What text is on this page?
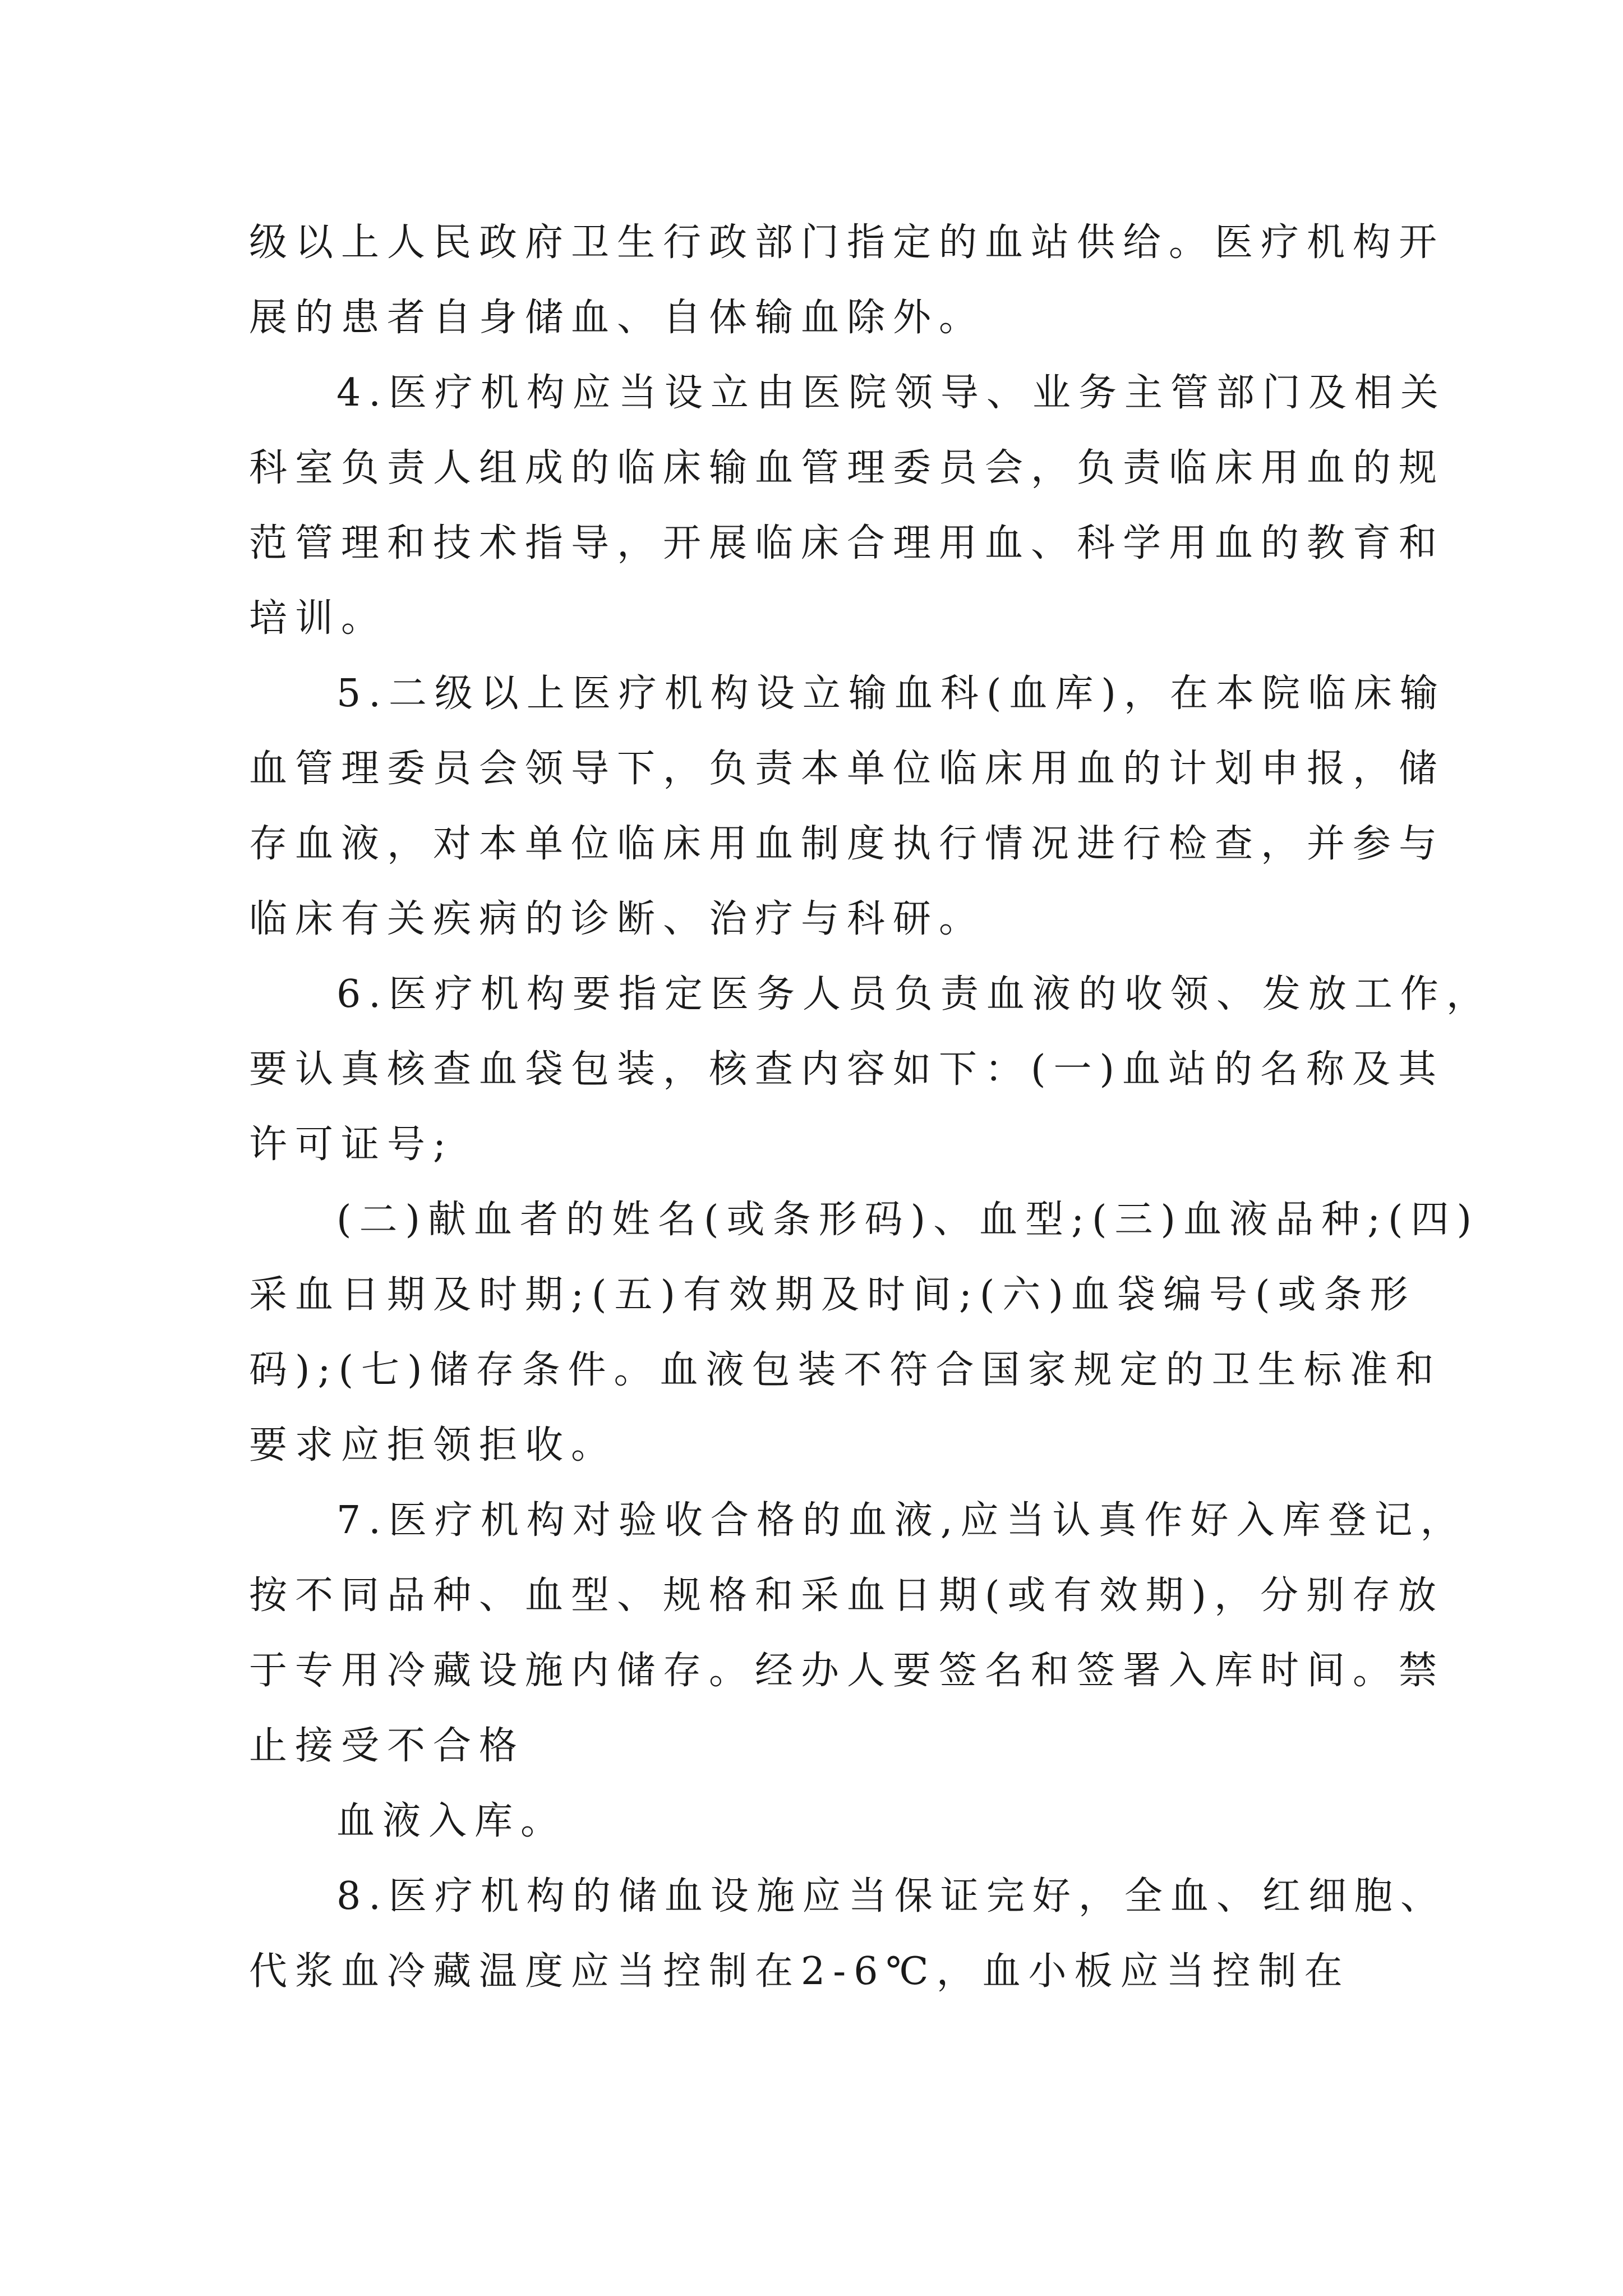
级以上人民政府卫生行政部门指定的血站供给。医疗机构开
展的患者自身储血、自体输血除外。
4.医疗机构应当设立由医院领导、业务主管部门及相关
科室负责人组成的临床输血管理委员会，负责临床用血的规
范管理和技术指导，开展临床合理用血、科学用血的教育和
培训。
5.二级以上医疗机构设立输血科(血库)，在本院临床输
血管理委员会领导下，负责本单位临床用血的计划申报，储
存血液，对本单位临床用血制度执行情况进行检查，并参与
临床有关疾病的诊断、治疗与科研。
6.医疗机构要指定医务人员负责血液的收领、发放工作，
要认真核查血袋包装，核查内容如下：(一)血站的名称及其
许可证号;
(二)献血者的姓名(或条形码)、血型;(三)血液品种;(四)
采血日期及时期;(五)有效期及时间;(六)血袋编号(或条形
码);(七)储存条件。血液包装不符合国家规定的卫生标准和
要求应拒领拒收。
7.医疗机构对验收合格的血液,应当认真作好入库登记，
按不同品种、血型、规格和采血日期(或有效期)，分别存放
于专用冷藏设施内储存。经办人要签名和签署入库时间。禁
止接受不合格
血液入库。
8.医疗机构的储血设施应当保证完好，全血、红细胞、
代浆血冷藏温度应当控制在2-6℃，血小板应当控制在
